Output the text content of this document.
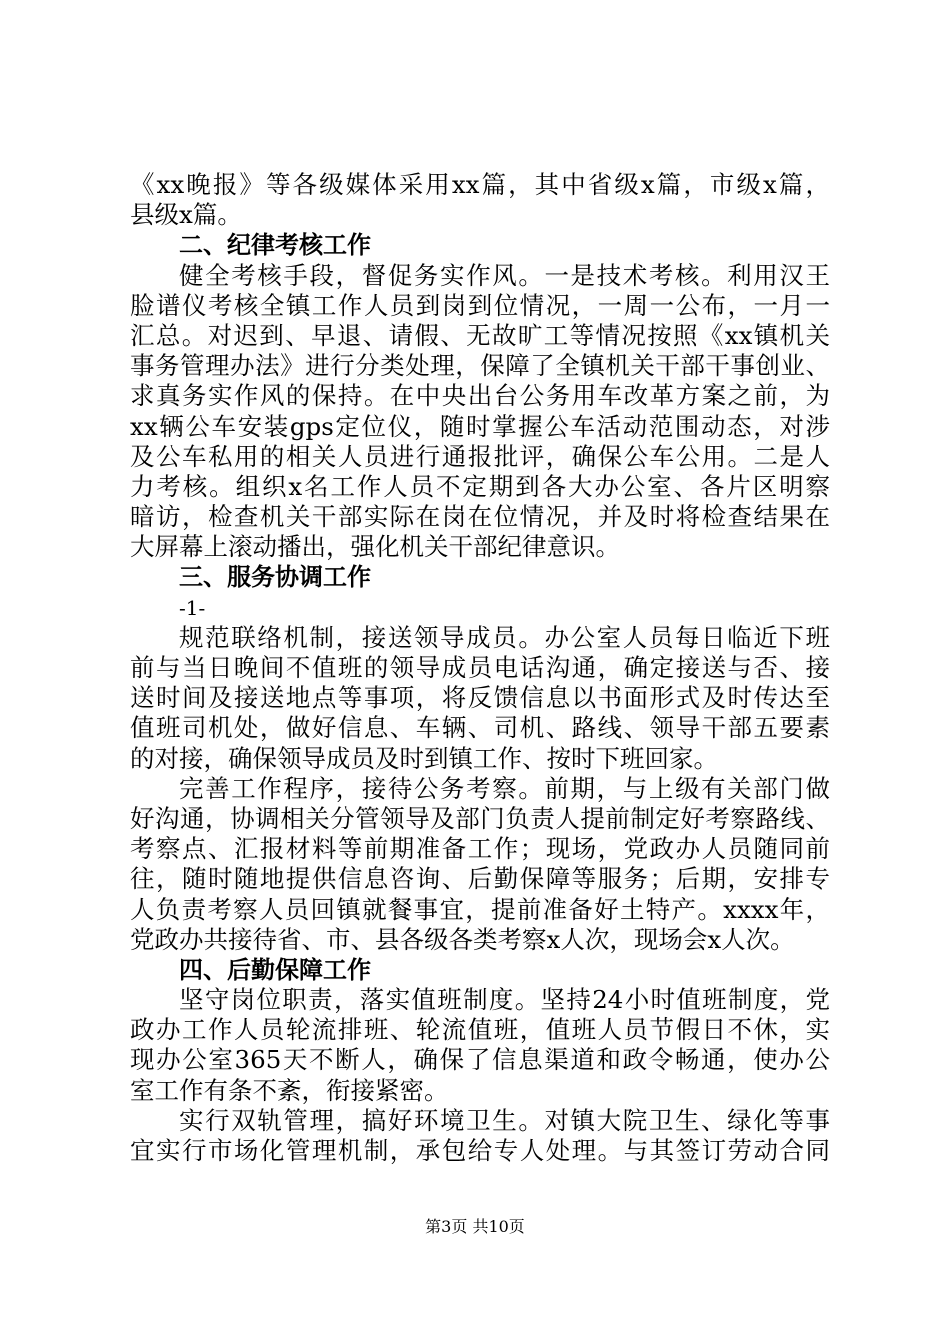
《xx晚报》等各级媒体采用xx篇，其中省级x篇，市级x篇，
县级x篇。
二、纪律考核工作
健全考核手段，督促务实作风。一是技术考核。利用汉王
脸谱仪考核全镇工作人员到岗到位情况，一周一公布，一月一
汇总。对迟到、早退、请假、无故旷工等情况按照《xx镇机关
事务管理办法》进行分类处理，保障了全镇机关干部干事创业、
求真务实作风的保持。在中央出台公务用车改革方案之前，为
xx辆公车安装gps定位仪，随时掌握公车活动范围动态，对涉
及公车私用的相关人员进行通报批评，确保公车公用。二是人
力考核。组织x名工作人员不定期到各大办公室、各片区明察
暗访，检查机关干部实际在岗在位情况，并及时将检查结果在
大屏幕上滚动播出，强化机关干部纪律意识。
三、服务协调工作
-1-
规范联络机制，接送领导成员。办公室人员每日临近下班
前与当日晚间不值班的领导成员电话沟通，确定接送与否、接
送时间及接送地点等事项，将反馈信息以书面形式及时传达至
值班司机处，做好信息、车辆、司机、路线、领导干部五要素
的对接，确保领导成员及时到镇工作、按时下班回家。
完善工作程序，接待公务考察。前期，与上级有关部门做
好沟通，协调相关分管领导及部门负责人提前制定好考察路线、
考察点、汇报材料等前期准备工作；现场，党政办人员随同前
往，随时随地提供信息咨询、后勤保障等服务；后期，安排专
人负责考察人员回镇就餐事宜，提前准备好土特产。xxxx年，
党政办共接待省、市、县各级各类考察x人次，现场会x人次。
四、后勤保障工作
坚守岗位职责，落实值班制度。坚持24小时值班制度，党
政办工作人员轮流排班、轮流值班，值班人员节假日不休，实
现办公室365天不断人，确保了信息渠道和政令畅通，使办公
室工作有条不紊，衔接紧密。
实行双轨管理，搞好环境卫生。对镇大院卫生、绿化等事
宜实行市场化管理机制，承包给专人处理。与其签订劳动合同
第3页 共10页
